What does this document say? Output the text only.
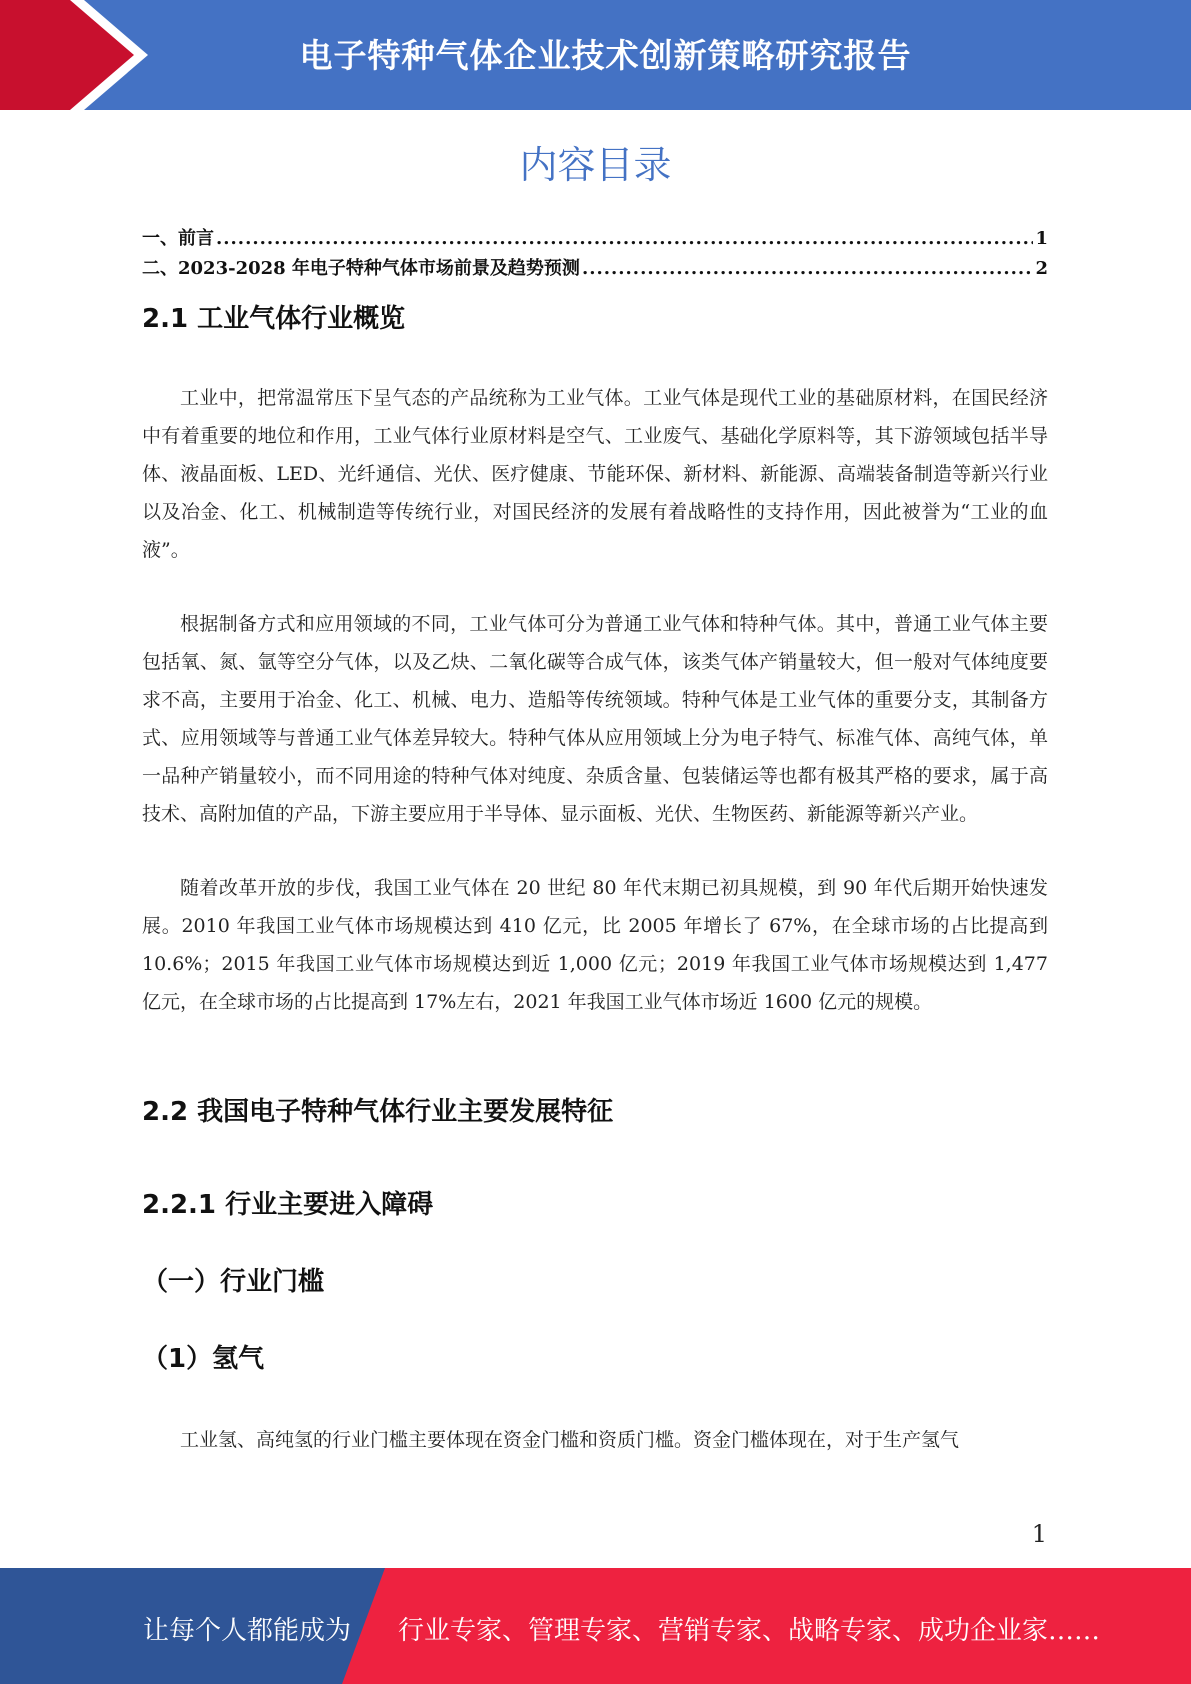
电子特种气体企业技术创新策略研究报告
内容目录
一、前言 .....	1
二、2023-2028 年电子特种气体市场前景及趋势预测 .....	2
2.1 工业气体行业概览

工业中，把常温常压下呈气态的产品统称为工业气体。工业气体是现代工业的基础原材料，在国民经济中有着重要的地位和作用，工业气体行业原材料是空气、工业废气、基础化学原料等，其下游领域包括半导体、液晶面板、LED、光纤通信、光伏、医疗健康、节能环保、新材料、新能源、高端装备制造等新兴行业以及冶金、化工、机械制造等传统行业，对国民经济的发展有着战略性的支持作用，因此被誉为“工业的血液”。

根据制备方式和应用领域的不同，工业气体可分为普通工业气体和特种气体。其中，普通工业气体主要包括氧、氮、氩等空分气体，以及乙炔、二氧化碳等合成气体，该类气体产销量较大，但一般对气体纯度要求不高，主要用于冶金、化工、机械、电力、造船等传统领域。特种气体是工业气体的重要分支，其制备方式、应用领域等与普通工业气体差异较大。特种气体从应用领域上分为电子特气、标准气体、高纯气体，单一品种产销量较小，而不同用途的特种气体对纯度、杂质含量、包装储运等也都有极其严格的要求，属于高技术、高附加值的产品，下游主要应用于半导体、显示面板、光伏、生物医药、新能源等新兴产业。

随着改革开放的步伐，我国工业气体在 20 世纪 80 年代末期已初具规模，到 90 年代后期开始快速发展。2010 年我国工业气体市场规模达到 410 亿元，比 2005 年增长了 67%，在全球市场的占比提高到 10.6%；2015 年我国工业气体市场规模达到近 1,000 亿元；2019 年我国工业气体市场规模达到 1,477 亿元，在全球市场的占比提高到 17%左右，2021 年我国工业气体市场近 1600 亿元的规模。

2.2 我国电子特种气体行业主要发展特征
2.2.1 行业主要进入障碍
（一）行业门槛
（1）氢气

工业氢、高纯氢的行业门槛主要体现在资金门槛和资质门槛。资金门槛体现在，对于生产氢气

1
让每个人都能成为 行业专家、管理专家、营销专家、战略专家、成功企业家……
